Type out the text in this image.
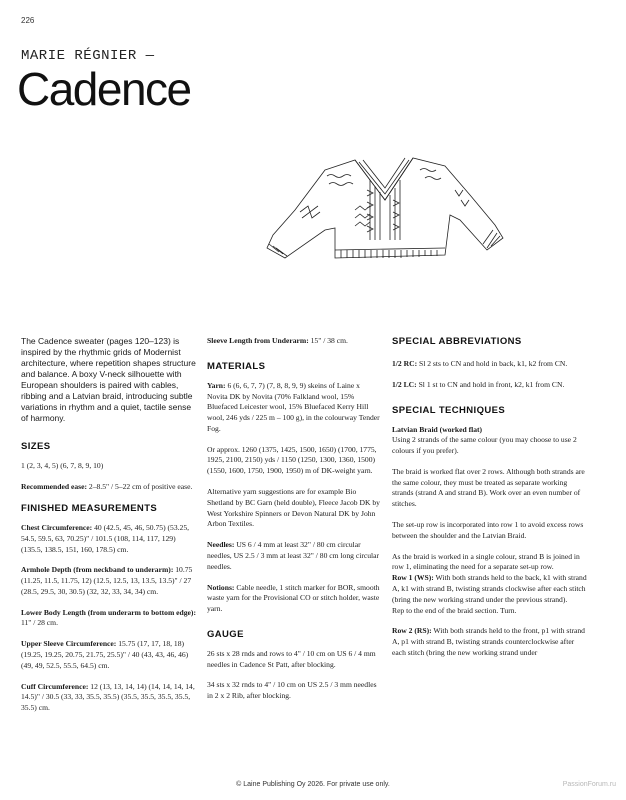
226
MARIE RÉGNIER —
Cadence
The Cadence sweater (pages 120–123) is inspired by the rhythmic grids of Modernist architecture, where repetition shapes structure and balance. A boxy V-neck silhouette with European shoulders is paired with cables, ribbing and a Latvian braid, introducing subtle variations in rhythm and a quiet, tactile sense of harmony.
SIZES

1 (2, 3, 4, 5) (6, 7, 8, 9, 10)

Recommended ease: 2–8.5" / 5–22 cm of positive ease.

FINISHED MEASUREMENTS

Chest Circumference: 40 (42.5, 45, 46, 50.75) (53.25, 54.5, 59.5, 63, 70.25)" / 101.5 (108, 114, 117, 129) (135.5, 138.5, 151, 160, 178.5) cm.

Armhole Depth (from neckband to underarm): 10.75 (11.25, 11.5, 11.75, 12) (12.5, 12.5, 13, 13.5, 13.5)" / 27 (28.5, 29.5, 30, 30.5) (32, 32, 33, 34, 34) cm.

Lower Body Length (from underarm to bottom edge): 11" / 28 cm.

Upper Sleeve Circumference: 15.75 (17, 17, 18, 18) (19.25, 19.25, 20.75, 21.75, 25.5)" / 40 (43, 43, 46, 46) (49, 49, 52.5, 55.5, 64.5) cm.

Cuff Circumference: 12 (13, 13, 14, 14) (14, 14, 14, 14, 14.5)" / 30.5 (33, 33, 35.5, 35.5) (35.5, 35.5, 35.5, 35.5, 35.5) cm.

Sleeve Length from Underarm: 15" / 38 cm.

MATERIALS

Yarn: 6 (6, 6, 7, 7) (7, 8, 8, 9, 9) skeins of Laine x Novita DK by Novita (70% Falkland wool, 15% Bluefaced Leicester wool, 15% Bluefaced Kerry Hill wool, 246 yds / 225 m – 100 g), in the colourway Tender Fog.

Or approx. 1260 (1375, 1425, 1500, 1650) (1700, 1775, 1925, 2100, 2150) yds / 1150 (1250, 1300, 1360, 1500) (1550, 1600, 1750, 1900, 1950) m of DK-weight yarn.

Alternative yarn suggestions are for example Bio Shetland by BC Garn (held double), Fleece Jacob DK by West Yorkshire Spinners or Devon Natural DK by John Arbon Textiles.

Needles: US 6 / 4 mm at least 32" / 80 cm circular needles, US 2.5 / 3 mm at least 32" / 80 cm long circular needles.

Notions: Cable needle, 1 stitch marker for BOR, smooth waste yarn for the Provisional CO or stitch holder, waste yarn.

GAUGE

26 sts x 28 rnds and rows to 4" / 10 cm on US 6 / 4 mm needles in Cadence St Patt, after blocking.

34 sts x 32 rnds to 4" / 10 cm on US 2.5 / 3 mm needles in 2 x 2 Rib, after blocking.

SPECIAL ABBREVIATIONS

1/2 RC: Sl 2 sts to CN and hold in back, k1, k2 from CN.

1/2 LC: Sl 1 st to CN and hold in front, k2, k1 from CN.

SPECIAL TECHNIQUES

Latvian Braid (worked flat)
Using 2 strands of the same colour (you may choose to use 2 colours if you prefer).

The braid is worked flat over 2 rows. Although both strands are the same colour, they must be treated as separate working strands (strand A and strand B). Work over an even number of stitches.

The set-up row is incorporated into row 1 to avoid excess rows between the shoulder and the Latvian Braid.

As the braid is worked in a single colour, strand B is joined in row 1, eliminating the need for a separate set-up row.
Row 1 (WS): With both strands held to the back, k1 with strand A, k1 with strand B, twisting strands clockwise after each stitch (bring the new working strand under the previous strand).
Rep to the end of the braid section. Turn.

Row 2 (RS): With both strands held to the front, p1 with strand A, p1 with strand B, twisting strands counterclockwise after each stitch (bring the new working strand under

© Laine Publishing Oy 2026. For private use only.	PassionForum.ru
